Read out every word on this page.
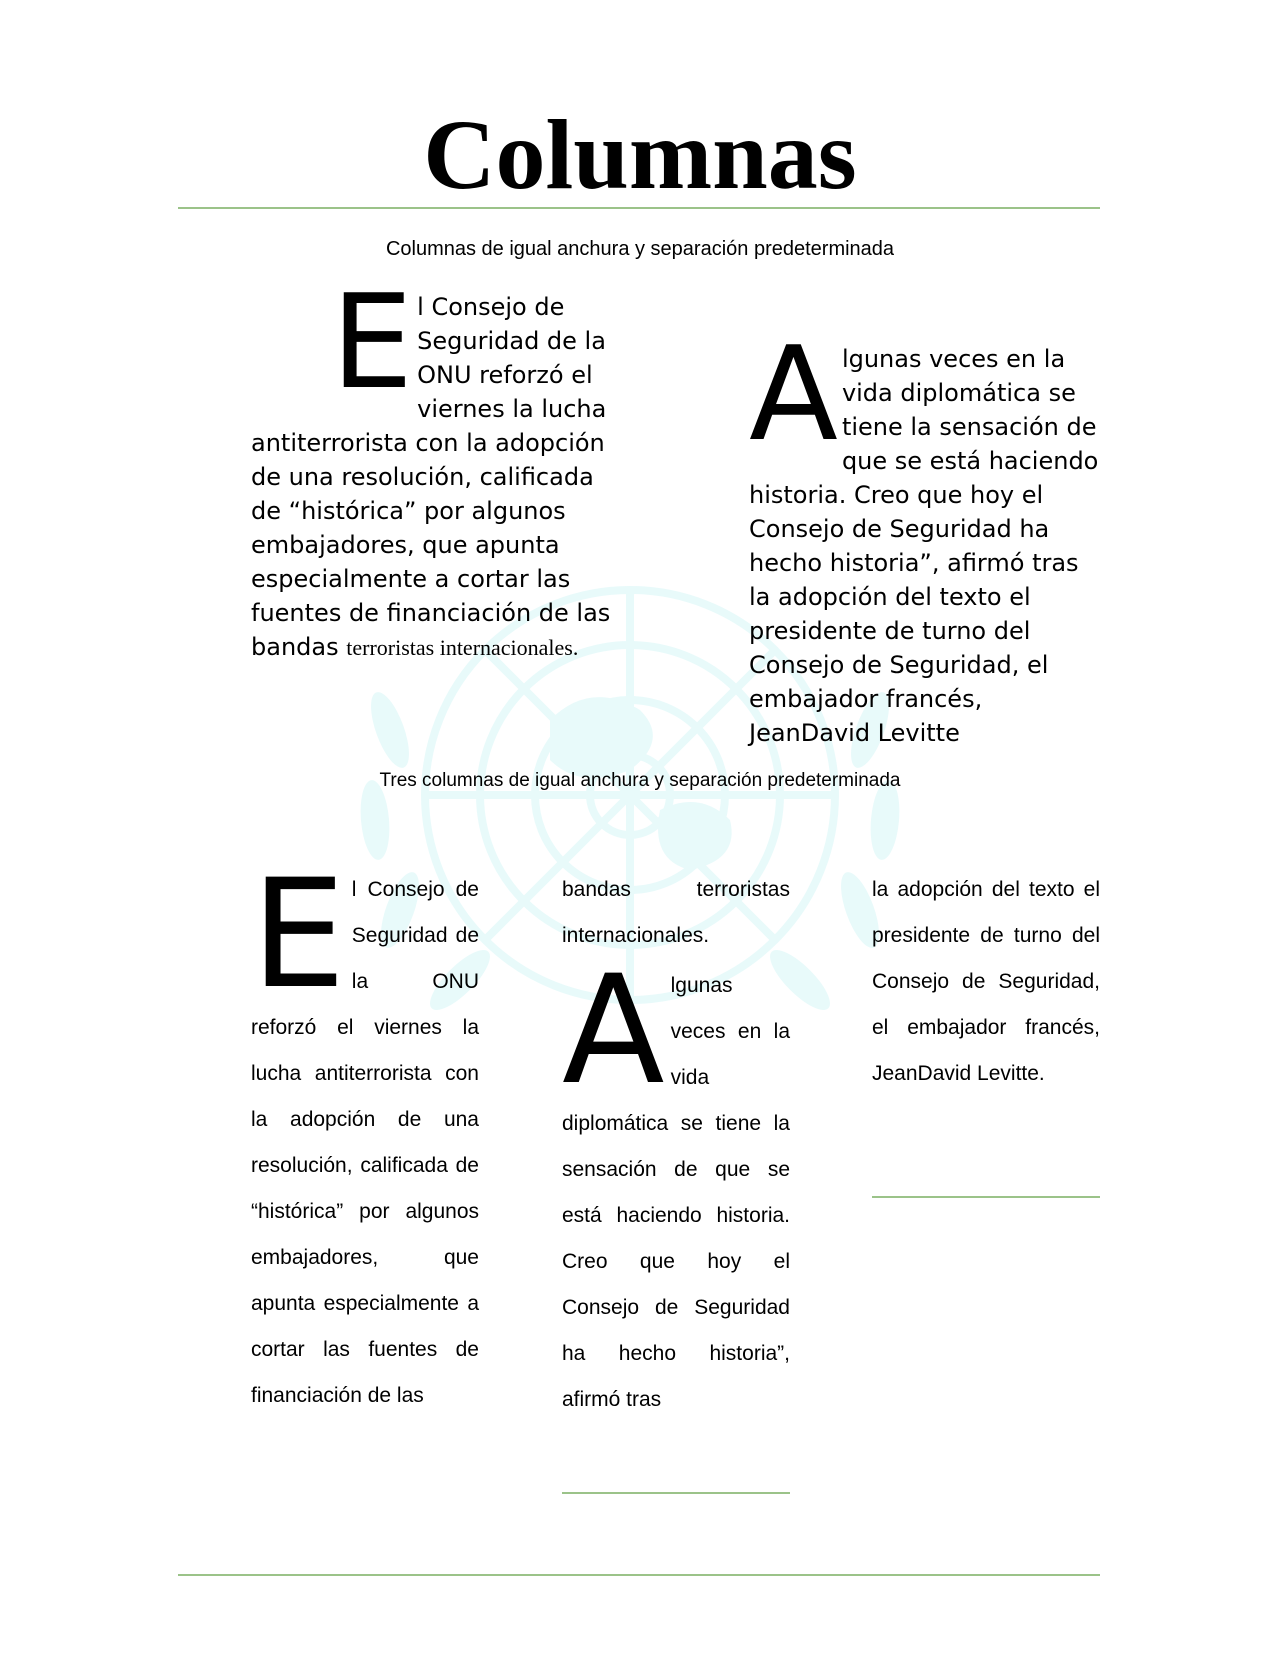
Columnas
Columnas de igual anchura y separación predeterminada
E l Consejo de Seguridad de la ONU reforzó el viernes la lucha antiterrorista con la adopción de una resolución, calificada de “histórica” por algunos embajadores, que apunta especialmente a cortar las fuentes de financiación de las bandas terroristas internacionales.
A lgunas veces en la vida diplomática se tiene la sensación de que se está haciendo historia. Creo que hoy el Consejo de Seguridad ha hecho historia”, afirmó tras la adopción del texto el presidente de turno del Consejo de Seguridad, el embajador francés, JeanDavid Levitte
Tres columnas de igual anchura y separación predeterminada
E l Consejo de Seguridad de la ONU reforzó el viernes la lucha antiterrorista con la adopción de una resolución, calificada de “histórica” por algunos embajadores, que apunta especialmente a cortar las fuentes de financiación de las
bandas terroristas internacionales.
A lgunas veces en la vida diplomática se tiene la sensación de que se está haciendo historia. Creo que hoy el Consejo de Seguridad ha hecho historia”, afirmó tras
la adopción del texto el presidente de turno del Consejo de Seguridad, el embajador francés, JeanDavid Levitte.
